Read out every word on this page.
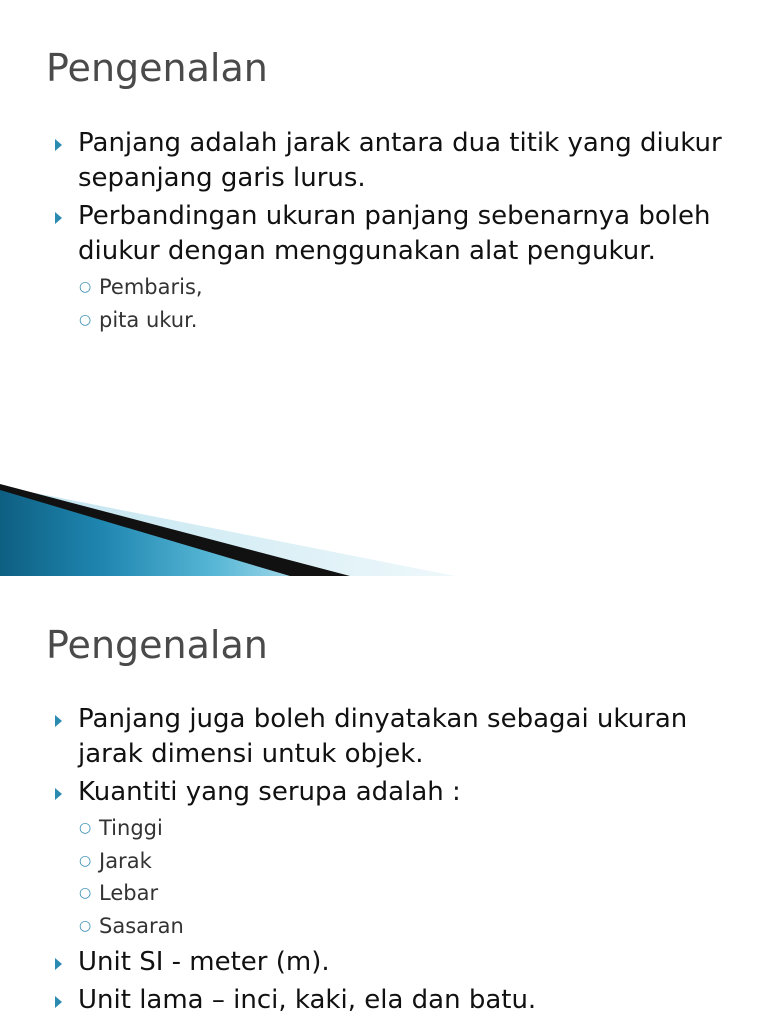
Pengenalan
Panjang adalah jarak antara dua titik yang diukur sepanjang garis lurus.
Perbandingan ukuran panjang sebenarnya boleh diukur dengan menggunakan alat pengukur.
○ Pembaris,
○ pita ukur.
Pengenalan
Panjang juga boleh dinyatakan sebagai ukuran jarak dimensi untuk objek.
Kuantiti yang serupa adalah :
○ Tinggi
○ Jarak
○ Lebar
○ Sasaran
Unit SI - meter (m).
Unit lama – inci, kaki, ela dan batu.
